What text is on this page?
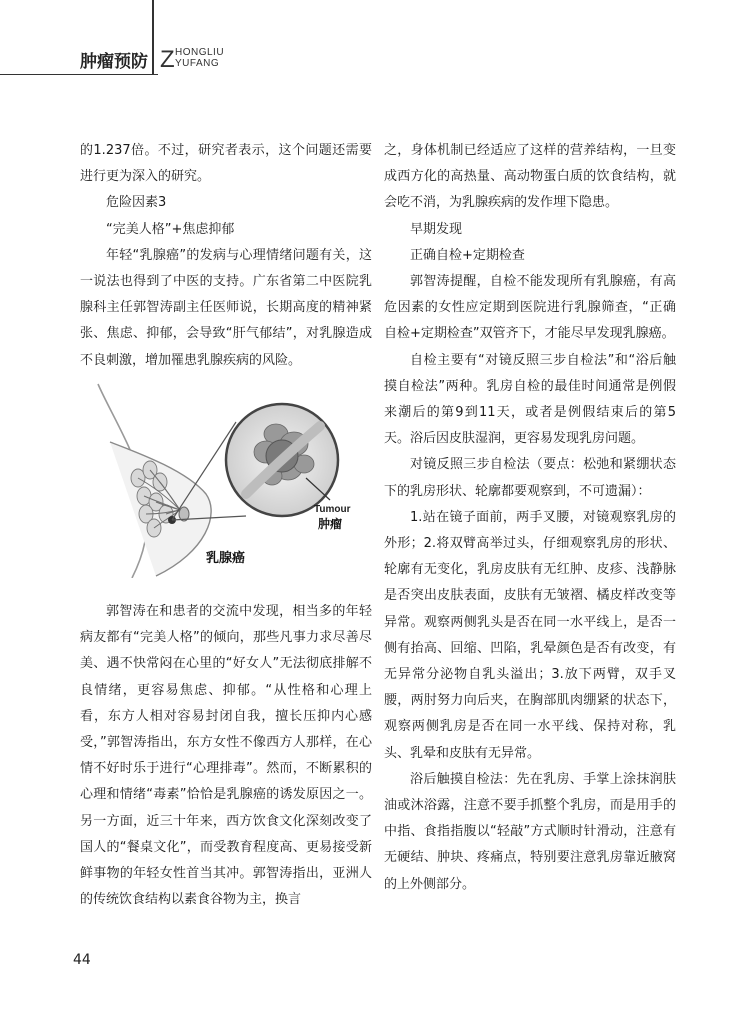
肿瘤预防 Z HONGLIU
YUFANG

的1.237倍。不过，研究者表示，这个问题还需要进行更为深入的研究。

危险因素3

“完美人格”+焦虑抑郁

年轻“乳腺癌”的发病与心理情绪问题有关，这一说法也得到了中医的支持。广东省第二中医院乳腺科主任郭智涛副主任医师说，长期高度的精神紧张、焦虑、抑郁，会导致“肝气郁结”，对乳腺造成不良刺激，增加罹患乳腺疾病的风险。

Tumour
肿瘤
乳腺癌

郭智涛在和患者的交流中发现，相当多的年轻病友都有“完美人格”的倾向，那些凡事力求尽善尽美、遇不快常闷在心里的“好女人”无法彻底排解不良情绪，更容易焦虑、抑郁。“从性格和心理上看，东方人相对容易封闭自我，擅长压抑内心感受，”郭智涛指出，东方女性不像西方人那样，在心情不好时乐于进行“心理排毒”。然而，不断累积的心理和情绪“毒素”恰恰是乳腺癌的诱发原因之一。另一方面，近三十年来，西方饮食文化深刻改变了国人的“餐桌文化”，而受教育程度高、更易接受新鲜事物的年轻女性首当其冲。郭智涛指出，亚洲人的传统饮食结构以素食谷物为主，换言

之，身体机制已经适应了这样的营养结构，一旦变成西方化的高热量、高动物蛋白质的饮食结构，就会吃不消，为乳腺疾病的发作埋下隐患。

早期发现

正确自检+定期检查

郭智涛提醒，自检不能发现所有乳腺癌，有高危因素的女性应定期到医院进行乳腺筛查，“正确自检+定期检查”双管齐下，才能尽早发现乳腺癌。

自检主要有“对镜反照三步自检法”和“浴后触摸自检法”两种。乳房自检的最佳时间通常是例假来潮后的第9到11天，或者是例假结束后的第5天。浴后因皮肤湿润，更容易发现乳房问题。

对镜反照三步自检法（要点：松弛和紧绷状态下的乳房形状、轮廓都要观察到，不可遗漏）：

1.站在镜子面前，两手叉腰，对镜观察乳房的外形；2.将双臂高举过头，仔细观察乳房的形状、轮廓有无变化，乳房皮肤有无红肿、皮疹、浅静脉是否突出皮肤表面，皮肤有无皱褶、橘皮样改变等异常。观察两侧乳头是否在同一水平线上，是否一侧有抬高、回缩、凹陷，乳晕颜色是否有改变，有无异常分泌物自乳头溢出；3.放下两臂，双手叉腰，两肘努力向后夹，在胸部肌肉绷紧的状态下，观察两侧乳房是否在同一水平线、保持对称，乳头、乳晕和皮肤有无异常。

浴后触摸自检法：先在乳房、手掌上涂抹润肤油或沐浴露，注意不要手抓整个乳房，而是用手的中指、食指指腹以“轻敲”方式顺时针滑动，注意有无硬结、肿块、疼痛点，特别要注意乳房靠近腋窝的上外侧部分。

44
